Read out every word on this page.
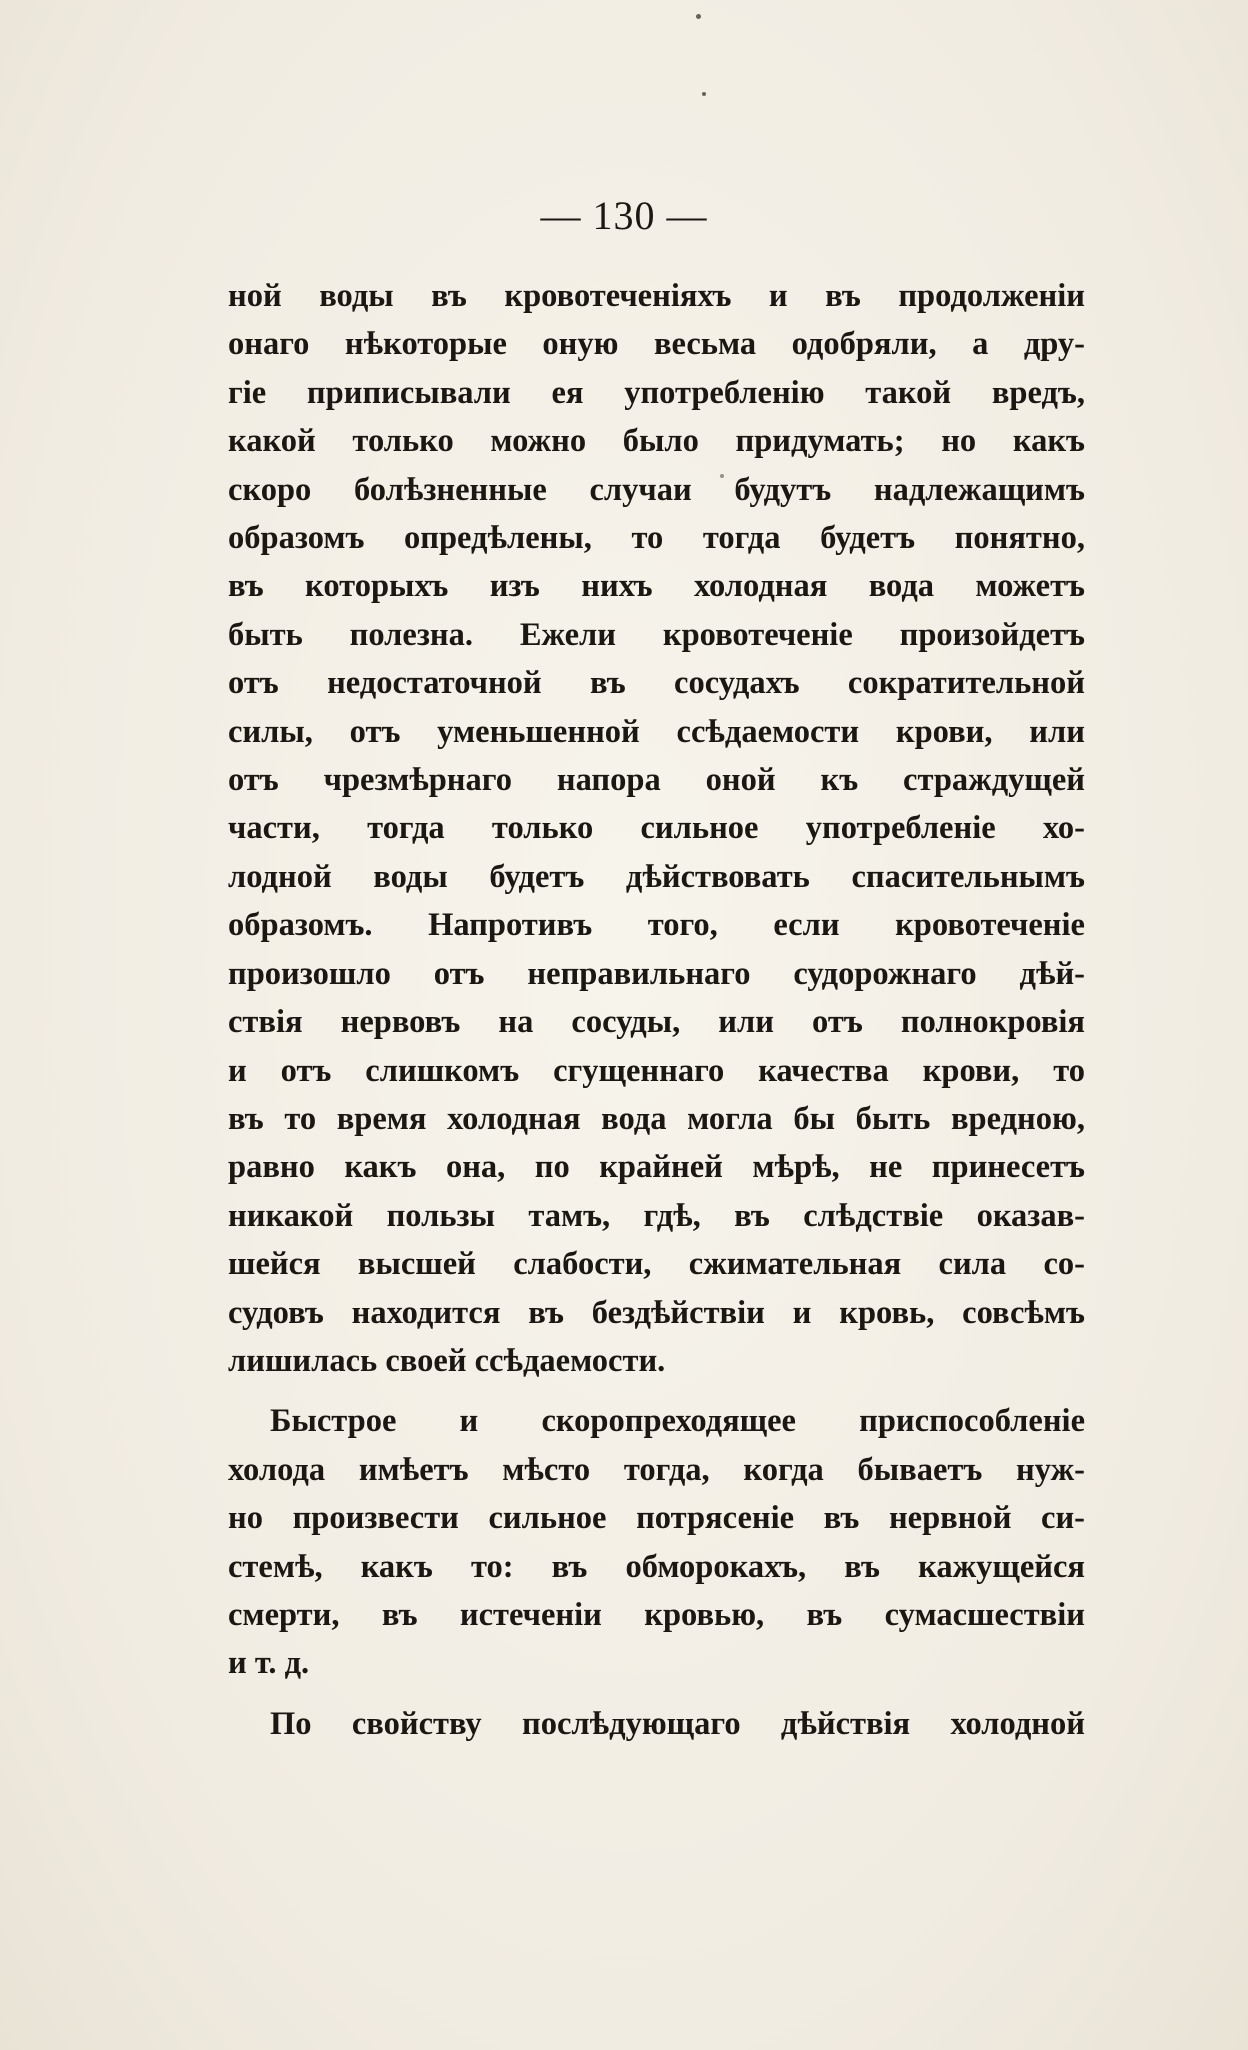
— 130 —
ной воды въ кровотеченіяхъ и въ продолженіи
онаго нѣкоторые оную весьма одобряли, а дру-
гіе приписывали ея употребленію такой вредъ,
какой только можно было придумать; но какъ
скоро болѣзненные случаи будутъ надлежащимъ
образомъ опредѣлены, то тогда будетъ понятно,
въ которыхъ изъ нихъ холодная вода можетъ
быть полезна. Ежели кровотеченіе произойдетъ
отъ недостаточной въ сосудахъ сократительной
силы, отъ уменьшенной ссѣдаемости крови, или
отъ чрезмѣрнаго напора оной къ страждущей
части, тогда только сильное употребленіе хо-
лодной воды будетъ дѣйствовать спасительнымъ
образомъ. Напротивъ того, если кровотеченіе
произошло отъ неправильнаго судорожнаго дѣй-
ствія нервовъ на сосуды, или отъ полнокровія
и отъ слишкомъ сгущеннаго качества крови, то
въ то время холодная вода могла бы быть вредною,
равно какъ она, по крайней мѣрѣ, не принесетъ
никакой пользы тамъ, гдѣ, въ слѣдствіе оказав-
шейся высшей слабости, сжимательная сила со-
судовъ находится въ бездѣйствіи и кровь, совсѣмъ
лишилась своей ссѣдаемости.
Быстрое и скоропреходящее приспособленіе
холода имѣетъ мѣсто тогда, когда бываетъ нуж-
но произвести сильное потрясеніе въ нервной си-
стемѣ, какъ то: въ обморокахъ, въ кажущейся
смерти, въ истеченіи кровью, въ сумасшествіи
и т. д.
По свойству послѣдующаго дѣйствія холодной
